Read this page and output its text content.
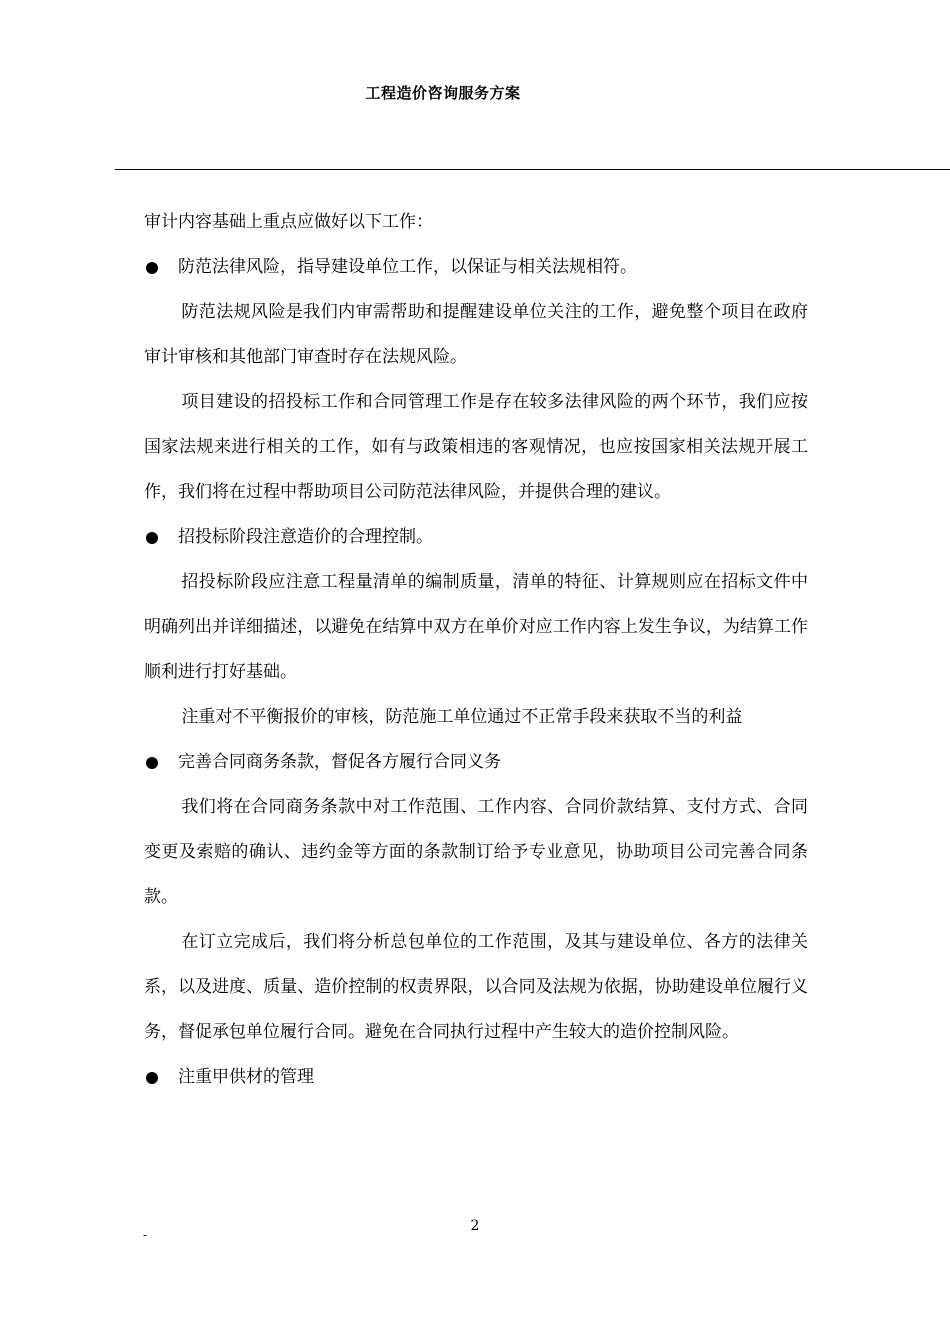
工程造价咨询服务方案

审计内容基础上重点应做好以下工作：

防范法律风险，指导建设单位工作，以保证与相关法规相符。

防范法规风险是我们内审需帮助和提醒建设单位关注的工作，避免整个项目在政府审计审核和其他部门审查时存在法规风险。

项目建设的招投标工作和合同管理工作是存在较多法律风险的两个环节，我们应按国家法规来进行相关的工作，如有与政策相违的客观情况，也应按国家相关法规开展工作，我们将在过程中帮助项目公司防范法律风险，并提供合理的建议。

招投标阶段注意造价的合理控制。

招投标阶段应注意工程量清单的编制质量，清单的特征、计算规则应在招标文件中明确列出并详细描述，以避免在结算中双方在单价对应工作内容上发生争议，为结算工作顺利进行打好基础。

注重对不平衡报价的审核，防范施工单位通过不正常手段来获取不当的利益

完善合同商务条款，督促各方履行合同义务

我们将在合同商务条款中对工作范围、工作内容、合同价款结算、支付方式、合同变更及索赔的确认、违约金等方面的条款制订给予专业意见，协助项目公司完善合同条款。

在订立完成后，我们将分析总包单位的工作范围，及其与建设单位、各方的法律关系，以及进度、质量、造价控制的权责界限，以合同及法规为依据，协助建设单位履行义务，督促承包单位履行合同。避免在合同执行过程中产生较大的造价控制风险。

注重甲供材的管理

2
-
